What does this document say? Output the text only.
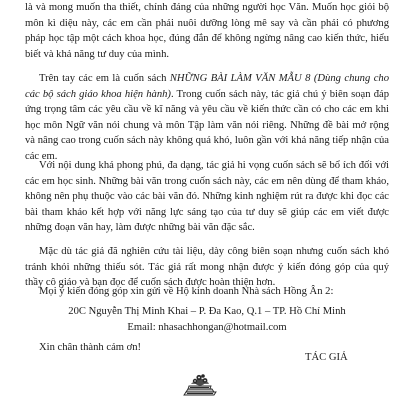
là và mong muốn tha thiết, chính đáng của những người học Văn. Muốn học giỏi bộ môn kì diệu này, các em cần phải nuôi dưỡng lòng mê say và cần phải có phương pháp học tập một cách khoa học, đúng đắn để không ngừng nâng cao kiến thức, hiểu biết và khả năng tư duy của mình.

Trên tay các em là cuốn sách NHỮNG BÀI LÀM VĂN MẪU 8 (Dùng chung cho các bộ sách giáo khoa hiện hành). Trong cuốn sách này, tác giả chú ý biên soạn đáp ứng trọng tâm các yêu cầu về kĩ năng và yêu cầu về kiến thức cần có cho các em khi học môn Ngữ văn nói chung và môn Tập làm văn nói riêng. Những đề bài mở rộng và nâng cao trong cuốn sách này không quá khó, luôn gần với khả năng tiếp nhận của các em.

Với nội dung khá phong phú, đa dạng, tác giả hi vọng cuốn sách sẽ bổ ích đối với các em học sinh. Những bài văn trong cuốn sách này, các em nên dùng để tham khảo, không nên phụ thuộc vào các bài văn đó. Những kinh nghiệm rút ra được khi đọc các bài tham khảo kết hợp với năng lực sáng tạo của tư duy sẽ giúp các em viết được những đoạn văn hay, làm được những bài văn đặc sắc.

Mặc dù tác giả đã nghiên cứu tài liệu, dày công biên soạn nhưng cuốn sách khó tránh khỏi những thiếu sót. Tác giả rất mong nhận được ý kiến đóng góp của quý thầy cô giáo và bạn đọc để cuốn sách được hoàn thiện hơn.

Mọi ý kiến đóng góp xin gửi về Hộ kinh doanh Nhà sách Hồng Ân 2:

20C Nguyễn Thị Minh Khai – P. Đa Kao, Q.1 – TP. Hồ Chí Minh

Email: nhasachhongan@hotmail.com

Xin chân thành cảm ơn!

TÁC GIẢ
